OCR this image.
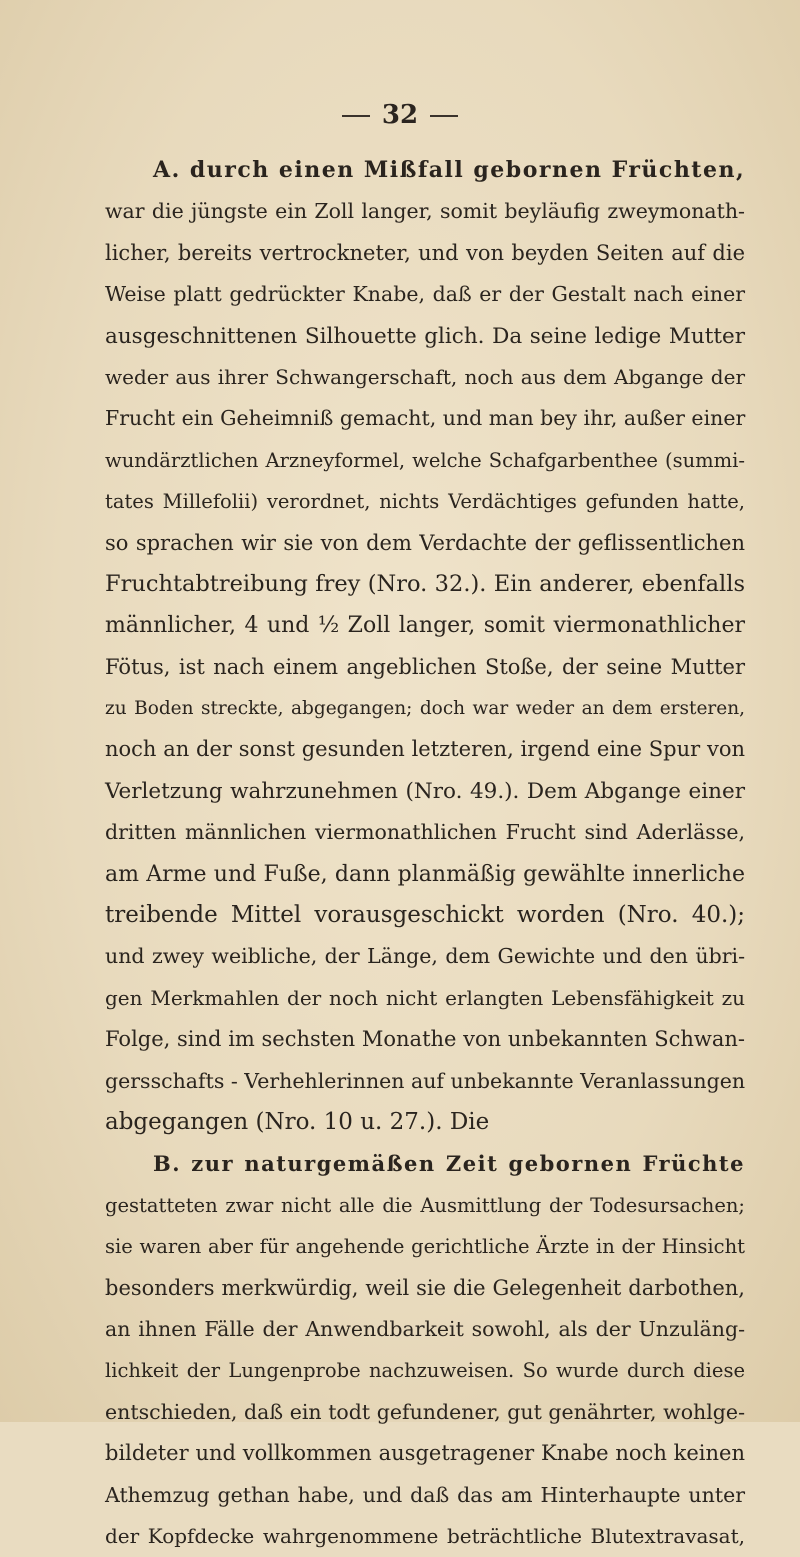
32
A. durch einen Mißfall gebornen Früchten,
war die jüngste ein Zoll langer, somit beyläufig zweymonath-
licher, bereits vertrockneter, und von beyden Seiten auf die
Weise platt gedrückter Knabe, daß er der Gestalt nach einer
ausgeschnittenen Silhouette glich. Da seine ledige Mutter
weder aus ihrer Schwangerschaft, noch aus dem Abgange der
Frucht ein Geheimniß gemacht, und man bey ihr, außer einer
wundärztlichen Arzneyformel, welche Schafgarbenthee (summi-
tates Millefolii) verordnet, nichts Verdächtiges gefunden hatte,
so sprachen wir sie von dem Verdachte der geflissentlichen
Fruchtabtreibung frey (Nro. 32.). Ein anderer, ebenfalls
männlicher, 4 und ½ Zoll langer, somit viermonathlicher
Fötus, ist nach einem angeblichen Stoße, der seine Mutter
zu Boden streckte, abgegangen; doch war weder an dem ersteren,
noch an der sonst gesunden letzteren, irgend eine Spur von
Verletzung wahrzunehmen (Nro. 49.). Dem Abgange einer
dritten männlichen viermonathlichen Frucht sind Aderlässe,
am Arme und Fuße, dann planmäßig gewählte innerliche
treibende Mittel vorausgeschickt worden (Nro. 40.);
und zwey weibliche, der Länge, dem Gewichte und den übri-
gen Merkmahlen der noch nicht erlangten Lebensfähigkeit zu
Folge, sind im sechsten Monathe von unbekannten Schwan-
gersschafts - Verhehlerinnen auf unbekannte Veranlassungen
abgegangen (Nro. 10 u. 27.). Die
B. zur naturgemäßen Zeit gebornen Früchte
gestatteten zwar nicht alle die Ausmittlung der Todesursachen;
sie waren aber für angehende gerichtliche Ärzte in der Hinsicht
besonders merkwürdig, weil sie die Gelegenheit darbothen,
an ihnen Fälle der Anwendbarkeit sowohl, als der Unzuläng-
lichkeit der Lungenprobe nachzuweisen. So wurde durch diese
entschieden, daß ein todt gefundener, gut genährter, wohlge-
bildeter und vollkommen ausgetragener Knabe noch keinen
Athemzug gethan habe, und daß das am Hinterhaupte unter
der Kopfdecke wahrgenommene beträchtliche Blutextravasat,
